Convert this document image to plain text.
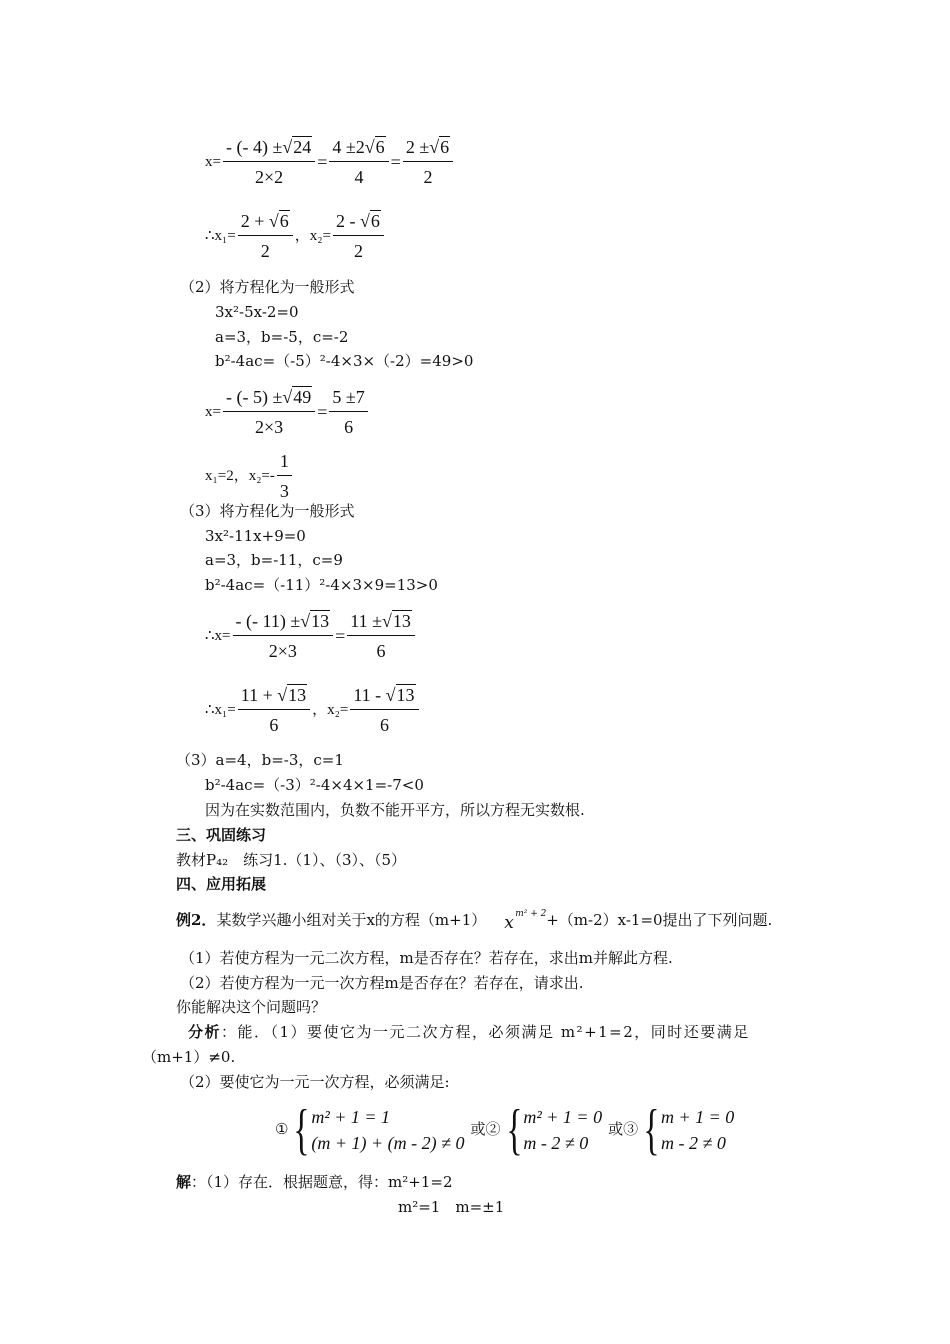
$x= \frac{- (- 4) \pm√24}{2\times 2} = \frac{4 \pm 2√6}{4} = \frac{2 \pm√6}{2}$
∴x₁= $\frac{2 + √6}{2}$ ， $x_2= \frac{2 - √6}{2}$
（2）将方程化为一般形式
3x²-5x-2=0
a=3，b=-5，c=-2
b²-4ac=（-5）²-4×3×（-2）=49>0
$x= \frac{- (- 5) \pm√49}{2\times 3} = \frac{5 \pm 7}{6}$
x₁=2，$x_2=- \frac{1}{3}$
（3）将方程化为一般形式
3x²-11x+9=0
a=3，b=-11，c=9
b²-4ac=（-11）²-4×3×9=13>0
∴x= $\frac{- (- 11) \pm√13}{2\times 3} = \frac{11 \pm√13}{6}$
∴x₁= $\frac{11 + √13}{6}$ ， $x_2= \frac{11 - √13}{6}$
（3）a=4，b=-3，c=1
b²-4ac=（-3）²-4×4×1=-7<0
因为在实数范围内，负数不能开平方，所以方程无实数根.
三、巩固练习
教材P₄₂　练习1.（1）、（3）、（5）
四、应用拓展
例2． 某数学兴趣小组对关于x的方程（m+1） x m² + 2 +（m-2）x-1=0提出了下列问题.
（1）若使方程为一元二次方程，m是否存在？若存在，求出m并解此方程.
（2）若使方程为一元一次方程m是否存在？若存在，请求出.
你能解决这个问题吗？
分析：能．（1）要使它为一元二次方程，必须满足 m²+1=2，同时还要满足
（m+1）≠0.
（2）要使它为一元一次方程，必须满足:
① { m² + 1 = 1
(m + 1) + (m - 2) ≠ 0
或② { m² + 1 = 0
m - 2 ≠ 0
或③ { m + 1 = 0
m - 2 ≠ 0
解：（1）存在．根据题意，得：m²+1=2
m²=1　m=±1
